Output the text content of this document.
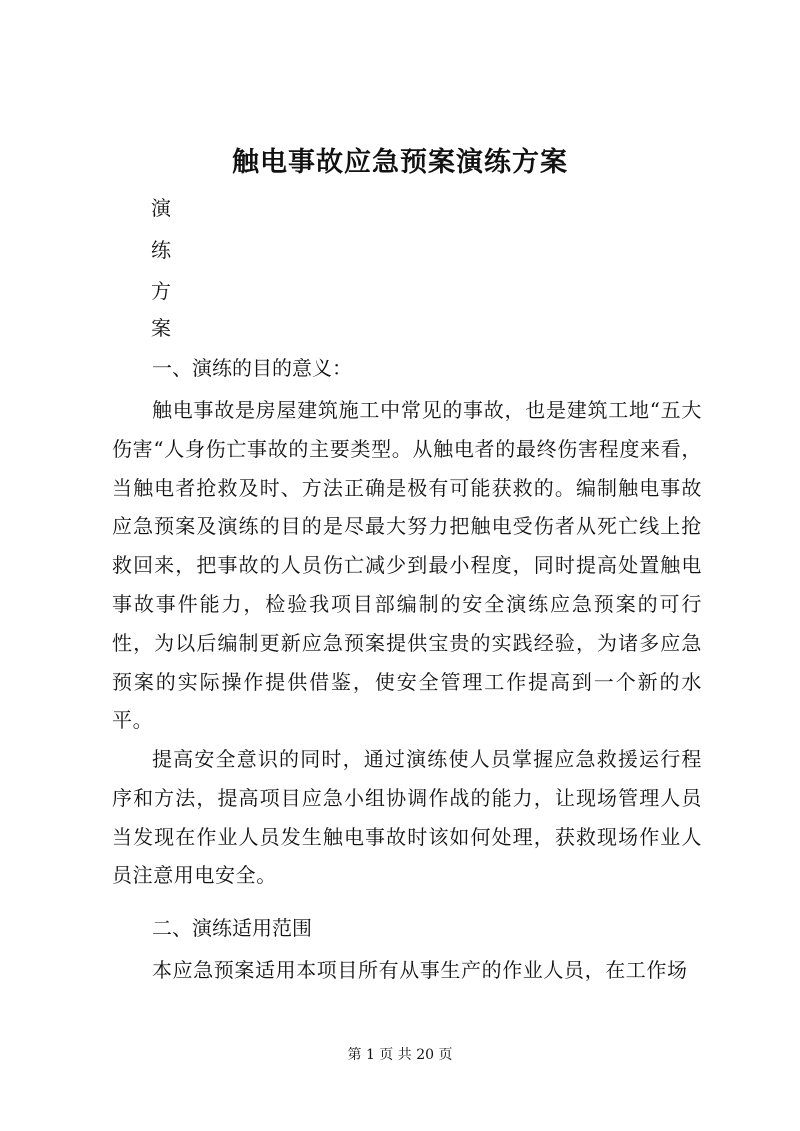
触电事故应急预案演练方案
演
练
方
案
一、演练的目的意义：
触电事故是房屋建筑施工中常见的事故，也是建筑工地“五大伤害“人身伤亡事故的主要类型。从触电者的最终伤害程度来看，当触电者抢救及时、方法正确是极有可能获救的。编制触电事故应急预案及演练的目的是尽最大努力把触电受伤者从死亡线上抢救回来，把事故的人员伤亡减少到最小程度，同时提高处置触电事故事件能力，检验我项目部编制的安全演练应急预案的可行性，为以后编制更新应急预案提供宝贵的实践经验，为诸多应急预案的实际操作提供借鉴，使安全管理工作提高到一个新的水平。
提高安全意识的同时，通过演练使人员掌握应急救援运行程序和方法，提高项目应急小组协调作战的能力，让现场管理人员当发现在作业人员发生触电事故时该如何处理，获救现场作业人员注意用电安全。
二、演练适用范围
本应急预案适用本项目所有从事生产的作业人员，在工作场
第 1 页 共 20 页
